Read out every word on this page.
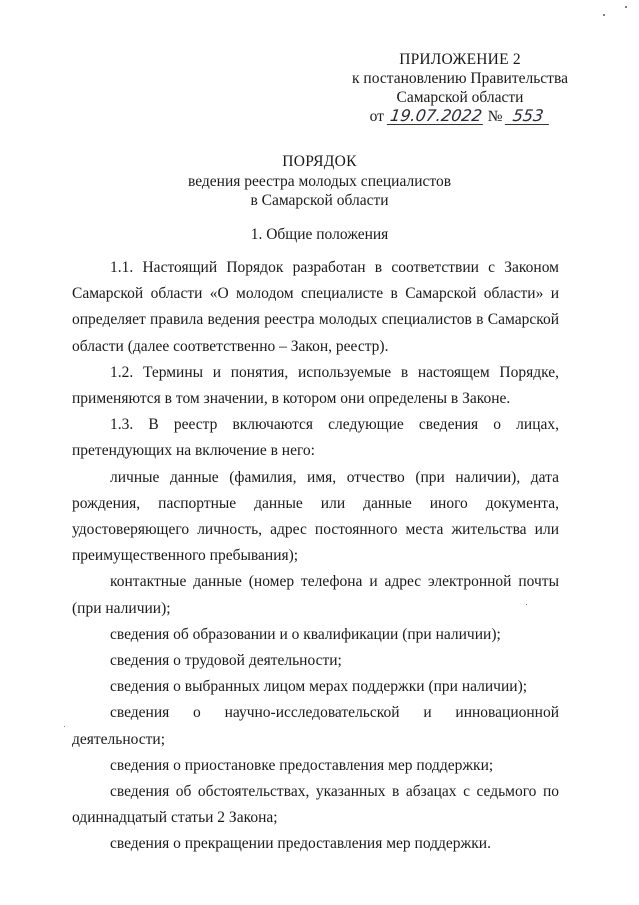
ПРИЛОЖЕНИЕ 2
к постановлению Правительства
Самарской области
от 19.07.2022 № 553
ПОРЯДОК
ведения реестра молодых специалистов
в Самарской области
1. Общие положения

1.1. Настоящий Порядок разработан в соответствии с Законом Самарской области «О молодом специалисте в Самарской области» и определяет правила ведения реестра молодых специалистов в Самарской области (далее соответственно – Закон, реестр).

1.2. Термины и понятия, используемые в настоящем Порядке, применяются в том значении, в котором они определены в Законе.

1.3. В реестр включаются следующие сведения о лицах, претендующих на включение в него:

личные данные (фамилия, имя, отчество (при наличии), дата рождения, паспортные данные или данные иного документа, удостоверяющего личность, адрес постоянного места жительства или преимущественного пребывания);

контактные данные (номер телефона и адрес электронной почты (при наличии);

сведения об образовании и о квалификации (при наличии);

сведения о трудовой деятельности;

сведения о выбранных лицом мерах поддержки (при наличии);

сведения о научно-исследовательской и инновационной деятельности;

сведения о приостановке предоставления мер поддержки;

сведения об обстоятельствах, указанных в абзацах с седьмого по одиннадцатый статьи 2 Закона;

сведения о прекращении предоставления мер поддержки.
